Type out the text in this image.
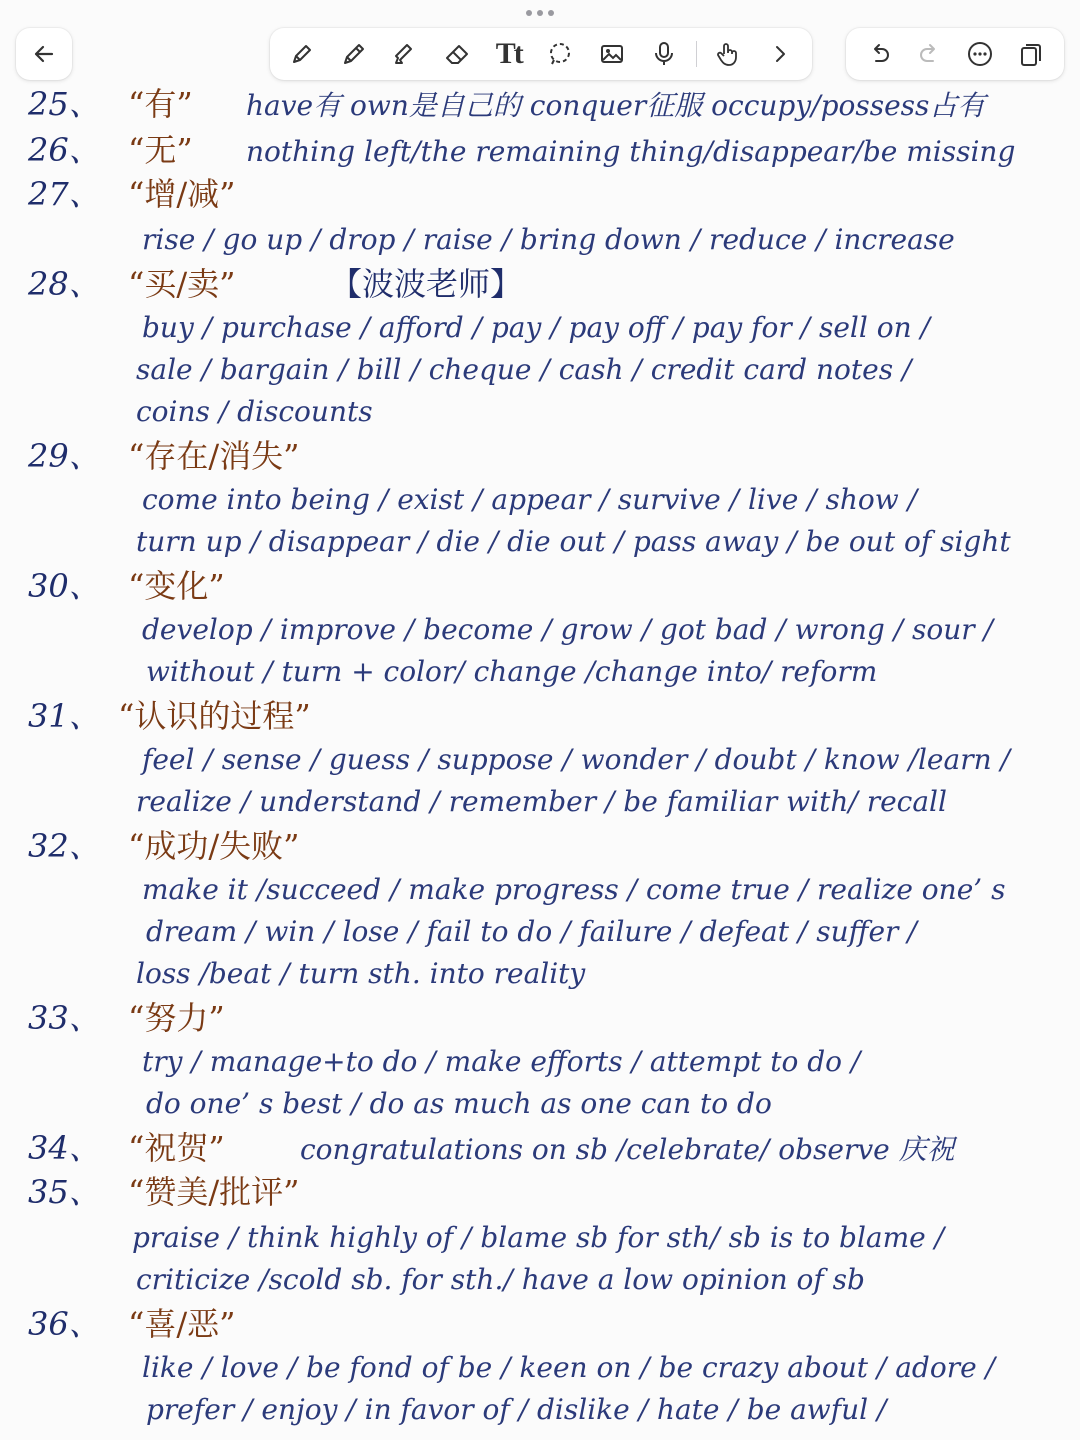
Tt
25、 “有” have有 own是自己的 conquer征服 occupy/possess占有
26、 “无” nothing left/the remaining thing/disappear/be missing
27、 “增/减”
rise / go up / drop / raise / bring down / reduce / increase
28、 “买/卖”	【波波老师】
buy / purchase / afford / pay / pay off / pay for / sell on /
sale / bargain / bill / cheque / cash / credit card notes /
coins / discounts
29、 “存在/消失”
come into being / exist / appear / survive / live / show /
turn up / disappear / die / die out / pass away / be out of sight
30、 “变化”
develop / improve / become / grow / got bad / wrong / sour /
without / turn + color/ change /change into/ reform
31、 “认识的过程”
feel / sense / guess / suppose / wonder / doubt / know /learn /
realize / understand / remember / be familiar with/ recall
32、 “成功/失败”
make it /succeed / make progress / come true / realize one’ s
dream / win / lose / fail to do / failure / defeat / suffer /
loss /beat / turn sth. into reality
33、 “努力”
try / manage+to do / make efforts / attempt to do /
do one’ s best / do as much as one can to do
34、 “祝贺”	congratulations on sb /celebrate/ observe 庆祝
35、 “赞美/批评”
praise / think highly of / blame sb for sth/ sb is to blame /
criticize /scold sb. for sth./ have a low opinion of sb
36、 “喜/恶”
like / love / be fond of be / keen on / be crazy about / adore /
prefer / enjoy / in favor of / dislike / hate / be awful /
